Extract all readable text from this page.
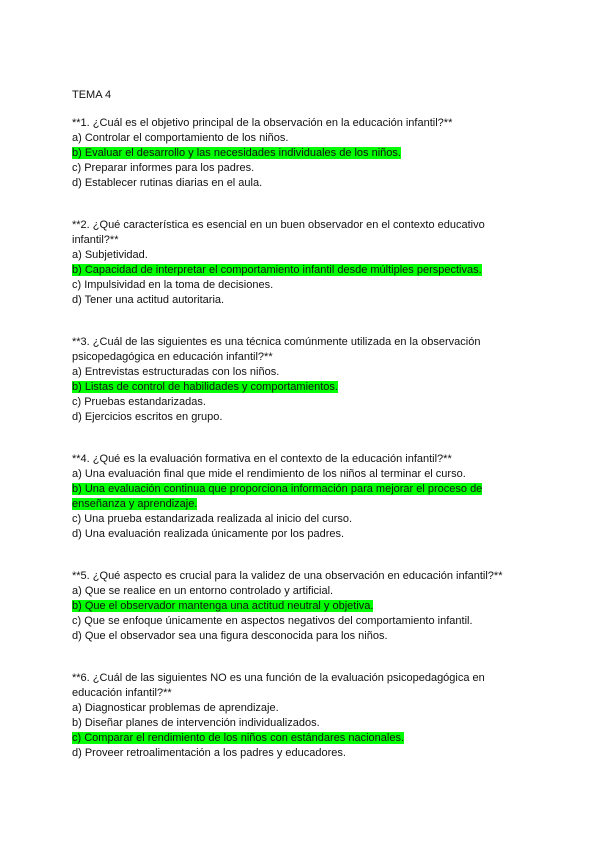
TEMA 4

**1. ¿Cuál es el objetivo principal de la observación en la educación infantil?**

a) Controlar el comportamiento de los niños.

b) Evaluar el desarrollo y las necesidades individuales de los niños.

c) Preparar informes para los padres.

d) Establecer rutinas diarias en el aula.

**2. ¿Qué característica es esencial en un buen observador en el contexto educativo infantil?**

a) Subjetividad.

b) Capacidad de interpretar el comportamiento infantil desde múltiples perspectivas.

c) Impulsividad en la toma de decisiones.

d) Tener una actitud autoritaria.

**3. ¿Cuál de las siguientes es una técnica comúnmente utilizada en la observación psicopedagógica en educación infantil?**

a) Entrevistas estructuradas con los niños.

b) Listas de control de habilidades y comportamientos.

c) Pruebas estandarizadas.

d) Ejercicios escritos en grupo.

**4. ¿Qué es la evaluación formativa en el contexto de la educación infantil?**

a) Una evaluación final que mide el rendimiento de los niños al terminar el curso.

b) Una evaluación continua que proporciona información para mejorar el proceso de enseñanza y aprendizaje.

c) Una prueba estandarizada realizada al inicio del curso.

d) Una evaluación realizada únicamente por los padres.

**5. ¿Qué aspecto es crucial para la validez de una observación en educación infantil?**

a) Que se realice en un entorno controlado y artificial.

b) Que el observador mantenga una actitud neutral y objetiva.

c) Que se enfoque únicamente en aspectos negativos del comportamiento infantil.

d) Que el observador sea una figura desconocida para los niños.

**6. ¿Cuál de las siguientes NO es una función de la evaluación psicopedagógica en educación infantil?**

a) Diagnosticar problemas de aprendizaje.

b) Diseñar planes de intervención individualizados.

c) Comparar el rendimiento de los niños con estándares nacionales.

d) Proveer retroalimentación a los padres y educadores.
